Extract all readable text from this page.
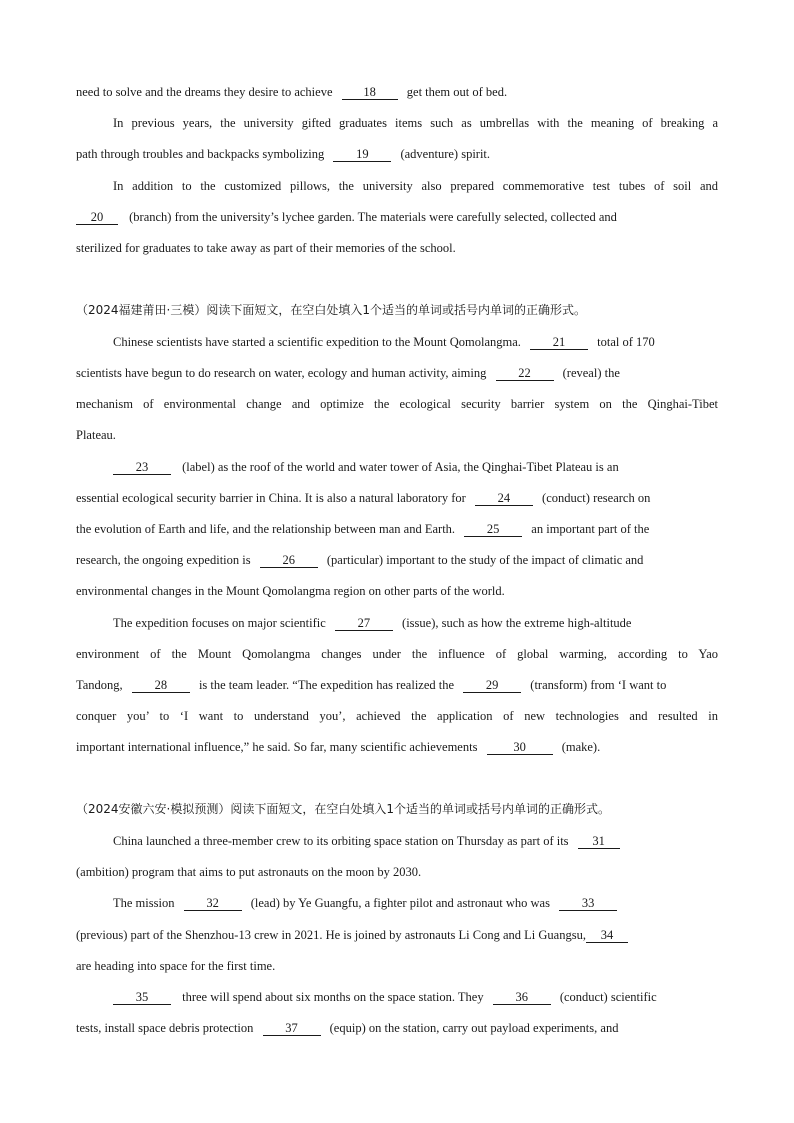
need to solve and the dreams they desire to achieve 18 get them out of bed.
In previous years, the university gifted graduates items such as umbrellas with the meaning of breaking a
path through troubles and backpacks symbolizing	19	(adventure) spirit.
In addition to the customized pillows, the university also prepared commemorative test tubes of soil and
20 (branch) from the university’s lychee garden. The materials were carefully selected, collected and
sterilized for graduates to take away as part of their memories of the school.
（2024福建莆田·三模）阅读下面短文，在空白处填入1个适当的单词或括号内单词的正确形式。
Chinese scientists have started a scientific expedition to the Mount Qomolangma.	21	total of 170
scientists have begun to do research on water, ecology and human activity, aiming	22	(reveal) the
mechanism of environmental change and optimize the ecological security barrier system on the Qinghai-Tibet
Plateau.
23	(label) as the roof of the world and water tower of Asia, the Qinghai-Tibet Plateau is an
essential ecological security barrier in China. It is also a natural laboratory for	24	(conduct) research on
the evolution of Earth and life, and the relationship between man and Earth.	25	an important part of the
research, the ongoing expedition is	26	(particular) important to the study of the impact of climatic and
environmental changes in the Mount Qomolangma region on other parts of the world.
The expedition focuses on major scientific	27	(issue), such as how the extreme high-altitude
environment of the Mount Qomolangma changes under the influence of global warming, according to Yao
Tandong,	28	is the team leader. “The expedition has realized the	29	(transform) from ‘I want to
conquer you’ to ‘I want to understand you’, achieved the application of new technologies and resulted in
important international influence,” he said. So far, many scientific achievements	30	(make).
（2024安徽六安·模拟预测）阅读下面短文，在空白处填入1个适当的单词或括号内单词的正确形式。
China launched a three-member crew to its orbiting space station on Thursday as part of its 31
(ambition) program that aims to put astronauts on the moon by 2030.
The mission	32	(lead) by Ye Guangfu, a fighter pilot and astronaut who was	33
(previous) part of the Shenzhou-13 crew in 2021. He is joined by astronauts Li Cong and Li Guangsu, 34
are heading into space for the first time.
35	three will spend about six months on the space station. They	36	(conduct) scientific
tests, install space debris protection	37	(equip) on the station, carry out payload experiments, and
